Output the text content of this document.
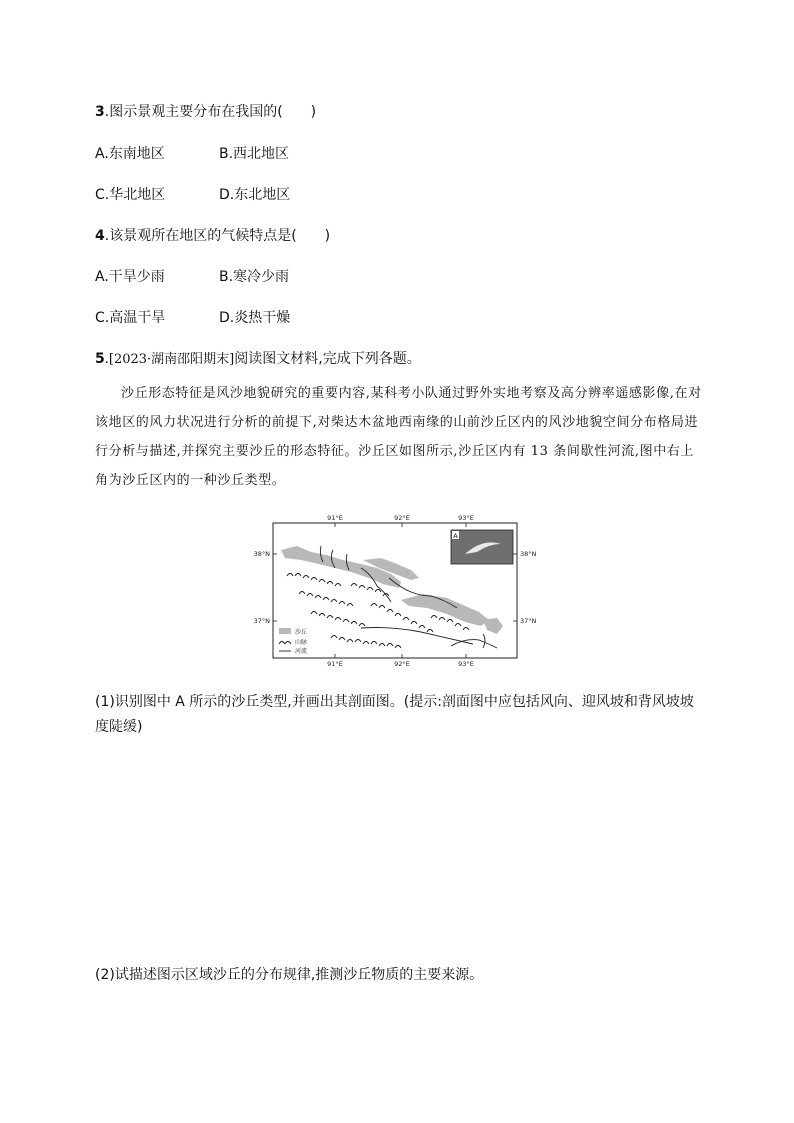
3.图示景观主要分布在我国的(　　)
A.东南地区	B.西北地区
C.华北地区	D.东北地区
4.该景观所在地区的气候特点是(　　)
A.干旱少雨	B.寒冷少雨
C.高温干旱	D.炎热干燥
5.[2023·湖南邵阳期末]阅读图文材料,完成下列各题。
沙丘形态特征是风沙地貌研究的重要内容,某科考小队通过野外实地考察及高分辨率遥感影像,在对该地区的风力状况进行分析的前提下,对柴达木盆地西南缘的山前沙丘区内的风沙地貌空间分布格局进行分析与描述,并探究主要沙丘的形态特征。沙丘区如图所示,沙丘区内有 13 条间歇性河流,图中右上角为沙丘区内的一种沙丘类型。
91°E	92°E	93°E
91°E	92°E	93°E
38°N
37°N
38°N
37°N
A
沙丘
山脉
河流
(1)识别图中 A 所示的沙丘类型,并画出其剖面图。(提示:剖面图中应包括风向、迎风坡和背风坡坡度陡缓)
(2)试描述图示区域沙丘的分布规律,推测沙丘物质的主要来源。
